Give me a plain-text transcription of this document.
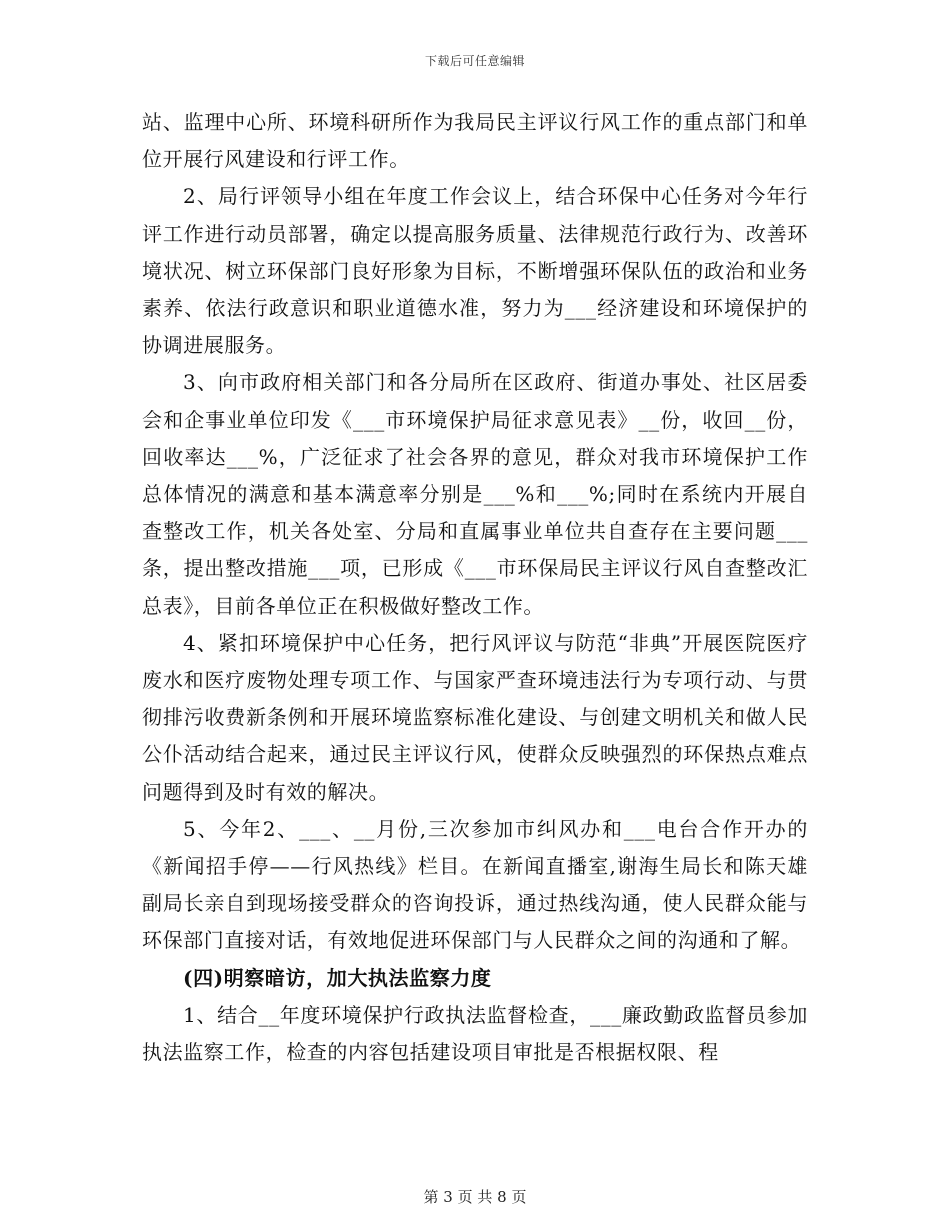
下载后可任意编辑

站、监理中心所、环境科研所作为我局民主评议行风工作的重点部门和单位开展行风建设和行评工作。

2、局行评领导小组在年度工作会议上，结合环保中心任务对今年行评工作进行动员部署，确定以提高服务质量、法律规范行政行为、改善环境状况、树立环保部门良好形象为目标，不断增强环保队伍的政治和业务素养、依法行政意识和职业道德水准，努力为___经济建设和环境保护的协调进展服务。

3、向市政府相关部门和各分局所在区政府、街道办事处、社区居委会和企事业单位印发《___市环境保护局征求意见表》__份，收回__份，回收率达___%，广泛征求了社会各界的意见，群众对我市环境保护工作总体情况的满意和基本满意率分别是___%和___%;同时在系统内开展自查整改工作，机关各处室、分局和直属事业单位共自查存在主要问题___条，提出整改措施___项，已形成《___市环保局民主评议行风自查整改汇总表》，目前各单位正在积极做好整改工作。

4、紧扣环境保护中心任务，把行风评议与防范“非典”开展医院医疗废水和医疗废物处理专项工作、与国家严查环境违法行为专项行动、与贯彻排污收费新条例和开展环境监察标准化建设、与创建文明机关和做人民公仆活动结合起来，通过民主评议行风，使群众反映强烈的环保热点难点问题得到及时有效的解决。

5、今年2、___、__月份,三次参加市纠风办和___电台合作开办的《新闻招手停——行风热线》栏目。在新闻直播室,谢海生局长和陈天雄副局长亲自到现场接受群众的咨询投诉，通过热线沟通，使人民群众能与环保部门直接对话，有效地促进环保部门与人民群众之间的沟通和了解。

(四)明察暗访，加大执法监察力度

1、结合__年度环境保护行政执法监督检查，___廉政勤政监督员参加执法监察工作，检查的内容包括建设项目审批是否根据权限、程

第 3 页 共 8 页
